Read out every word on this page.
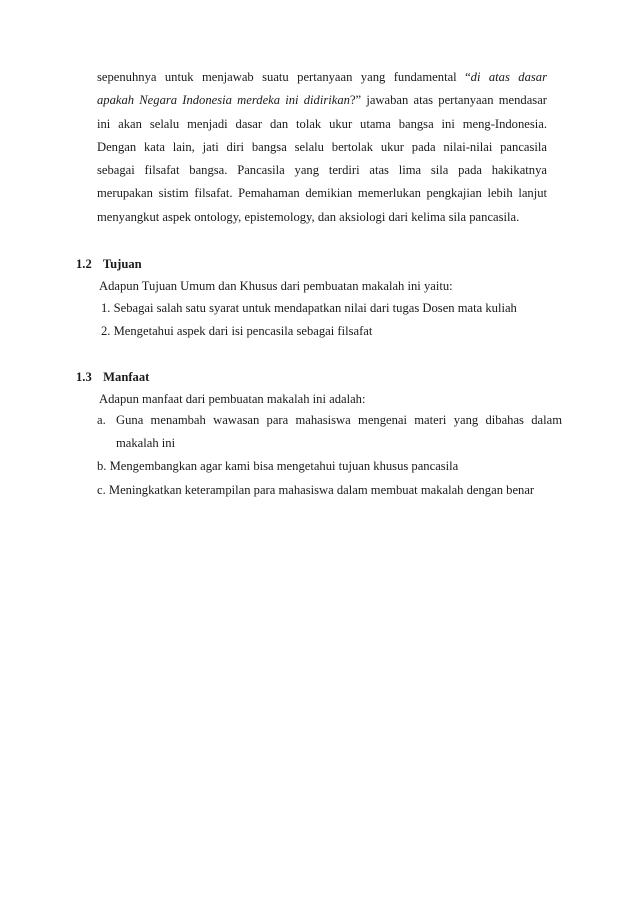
sepenuhnya untuk menjawab suatu pertanyaan yang fundamental “di atas dasar
apakah Negara Indonesia merdeka ini didirikan?” jawaban atas pertanyaan mendasar
ini akan selalu menjadi dasar dan tolak ukur utama bangsa ini meng-Indonesia.
Dengan kata lain, jati diri bangsa selalu bertolak ukur pada nilai-nilai pancasila
sebagai filsafat bangsa. Pancasila yang terdiri atas lima sila pada hakikatnya
merupakan sistim filsafat. Pemahaman demikian memerlukan pengkajian lebih lanjut
menyangkut aspek ontology, epistemology, dan aksiologi dari kelima sila pancasila.
1.2 Tujuan
Adapun Tujuan Umum dan Khusus dari pembuatan makalah ini yaitu:
1. Sebagai salah satu syarat untuk mendapatkan nilai dari tugas Dosen mata kuliah
2. Mengetahui aspek dari isi pencasila sebagai filsafat
1.3 Manfaat
Adapun manfaat dari pembuatan makalah ini adalah:
a. Guna menambah wawasan para mahasiswa mengenai materi yang dibahas dalam
makalah ini
b. Mengembangkan agar kami bisa mengetahui tujuan khusus pancasila
c. Meningkatkan keterampilan para mahasiswa dalam membuat makalah dengan benar
